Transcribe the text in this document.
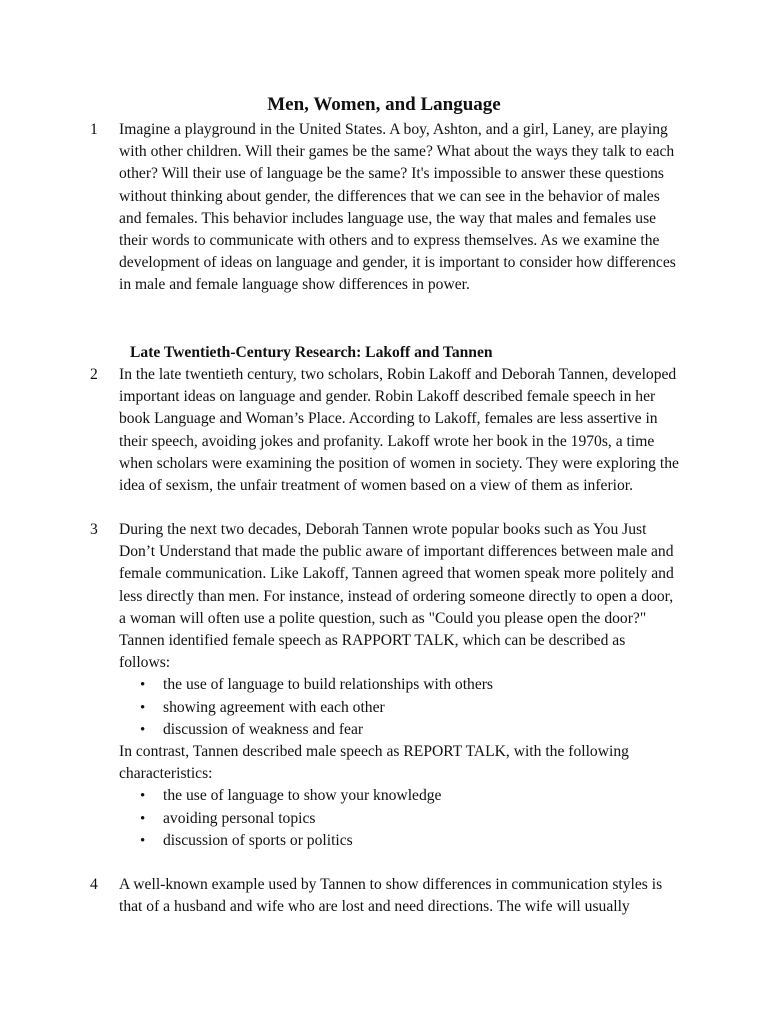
Men, Women, and Language
1	Imagine a playground in the United States. A boy, Ashton, and a girl, Laney, are playing with other children. Will their games be the same? What about the ways they talk to each other? Will their use of language be the same? It's impossible to answer these questions without thinking about gender, the differences that we can see in the behavior of males and females. This behavior includes language use, the way that males and females use their words to communicate with others and to express themselves. As we examine the development of ideas on language and gender, it is important to consider how differences in male and female language show differences in power.
Late Twentieth-Century Research: Lakoff and Tannen
2	In the late twentieth century, two scholars, Robin Lakoff and Deborah Tannen, developed important ideas on language and gender. Robin Lakoff described female speech in her book Language and Woman’s Place. According to Lakoff, females are less assertive in their speech, avoiding jokes and profanity. Lakoff wrote her book in the 1970s, a time when scholars were examining the position of women in society. They were exploring the idea of sexism, the unfair treatment of women based on a view of them as inferior.
3	During the next two decades, Deborah Tannen wrote popular books such as You Just Don’t Understand that made the public aware of important differences between male and female communication. Like Lakoff, Tannen agreed that women speak more politely and less directly than men. For instance, instead of ordering someone directly to open a door, a woman will often use a polite question, such as "Could you please open the door?"
Tannen identified female speech as RAPPORT TALK, which can be described as follows:
• the use of language to build relationships with others
• showing agreement with each other
• discussion of weakness and fear
In contrast, Tannen described male speech as REPORT TALK, with the following characteristics:
• the use of language to show your knowledge
• avoiding personal topics
• discussion of sports or politics
4	A well-known example used by Tannen to show differences in communication styles is that of a husband and wife who are lost and need directions. The wife will usually
